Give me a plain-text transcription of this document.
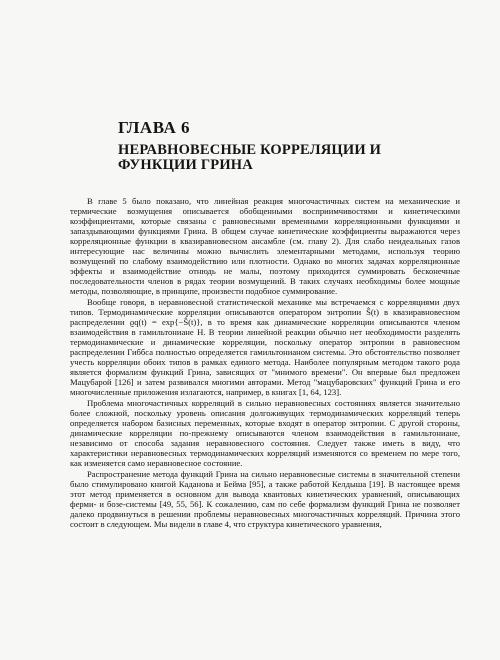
ГЛАВА 6
НЕРАВНОВЕСНЫЕ КОРРЕЛЯЦИИ И ФУНКЦИИ ГРИНА

В главе 5 было показано, что линейная реакция многочастичных систем на механические и термические возмущения описывается обобщенными восприимчивостями и кинетическими коэффициентами, которые связаны с равновесными временными корреляционными функциями и запаздывающими функциями Грина. В общем случае кинетические коэффициенты выражаются через корреляционные функции в квазиравновесном ансамбле (см. главу 2). Для слабо неидеальных газов интересующие нас величины можно вычислить элементарными методами, используя теорию возмущений по слабому взаимодействию или плотности. Однако во многих задачах корреляционные эффекты и взаимодействие отнюдь не малы, поэтому приходится суммировать бесконечные последовательности членов в рядах теории возмущений. В таких случаях необходимы более мощные методы, позволяющие, в принципе, произвести подобное суммирование.

Вообще говоря, в неравновесной статистической механике мы встречаемся с корреляциями двух типов. Термодинамические корреляции описываются оператором энтропии Ŝ(t) в квазиравновесном распределении ϱq(t) = exp{−Ŝ(t)}, в то время как динамические корреляции описываются членом взаимодействия в гамильтониане H. В теории линейной реакции обычно нет необходимости разделять термодинамические и динамические корреляции, поскольку оператор энтропии в равновесном распределении Гиббса полностью определяется гамильтонианом системы. Это обстоятельство позволяет учесть корреляции обоих типов в рамках единого метода. Наиболее популярным методом такого рода является формализм функций Грина, зависящих от "мнимого времени". Он впервые был предложен Мацубарой [126] и затем развивался многими авторами. Метод "мацубаровских" функций Грина и его многочисленные приложения излагаются, например, в книгах [1, 64, 123].

Проблема многочастичных корреляций в сильно неравновесных состояниях является значительно более сложной, поскольку уровень описания долгоживущих термодинамических корреляций теперь определяется набором базисных переменных, которые входят в оператор энтропии. С другой стороны, динамические корреляции по-прежнему описываются членом взаимодействия в гамильтониане, независимо от способа задания неравновесного состояния. Следует также иметь в виду, что характеристики неравновесных термодинамических корреляций изменяются со временем по мере того, как изменяется само неравновесное состояние.

Распространение метода функций Грина на сильно неравновесные системы в значительной степени было стимулировано книгой Каданова и Бейма [95], а также работой Келдыша [19]. В настоящее время этот метод применяется в основном для вывода квантовых кинетических уравнений, описывающих ферми- и бозе-системы [49, 55, 56]. К сожалению, сам по себе формализм функций Грина не позволяет далеко продвинуться в решении проблемы неравновесных многочастичных корреляций. Причина этого состоит в следующем. Мы видели в главе 4, что структура кинетического уравнения,
